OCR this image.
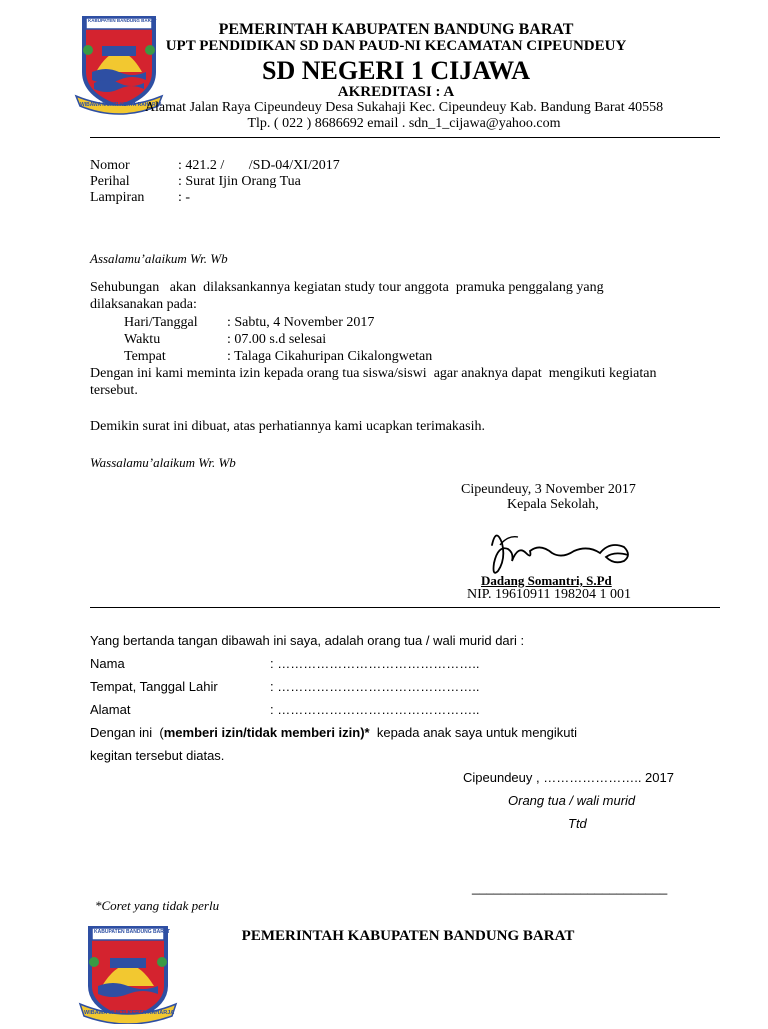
KABUPATEN BANDUNG BARAT
WIBAWA MUKTI KERTA RAHARJA
PEMERINTAH KABUPATEN BANDUNG BARAT
UPT PENDIDIKAN SD DAN PAUD-NI KECAMATAN CIPEUNDEUY
SD NEGERI 1 CIJAWA
AKREDITASI : A
Alamat Jalan Raya Cipeundeuy Desa Sukahaji Kec. Cipeundeuy Kab. Bandung Barat 40558
Tlp. ( 022 ) 8686692 email . sdn_1_cijawa@yahoo.com
Nomor	: 421.2 /       /SD-04/XI/2017
Perihal	: Surat Ijin Orang Tua
Lampiran : -
Assalamu’alaikum Wr. Wb
Sehubungan   akan  dilaksankannya kegiatan study tour anggota  pramuka penggalang yang
dilaksanakan pada:
Hari/Tanggal : Sabtu, 4 November 2017
Waktu	: 07.00 s.d selesai
Tempat	: Talaga Cikahuripan Cikalongwetan
Dengan ini kami meminta izin kepada orang tua siswa/siswi  agar anaknya dapat  mengikuti kegiatan
tersebut.
Demikin surat ini dibuat, atas perhatiannya kami ucapkan terimakasih.
Wassalamu’alaikum Wr. Wb
Cipeundeuy, 3 November 2017
Kepala Sekolah,
Dadang Somantri, S.Pd
NIP. 19610911 198204 1 001
Yang bertanda tangan dibawah ini saya, adalah orang tua / wali murid dari :
Nama	: ………………………………………..
Tempat, Tanggal Lahir	: ………………………………………..
Alamat	: ………………………………………..
Dengan ini  (memberi izin/tidak memberi izin)*  kepada anak saya untuk mengikuti
kegitan tersebut diatas.
Cipeundeuy , ………………….. 2017
Orang tua / wali murid
Ttd
___________________________
*Coret yang tidak perlu
KABUPATEN BANDUNG BARAT
WIBAWA MUKTI KERTA RAHARJA
PEMERINTAH KABUPATEN BANDUNG BARAT
